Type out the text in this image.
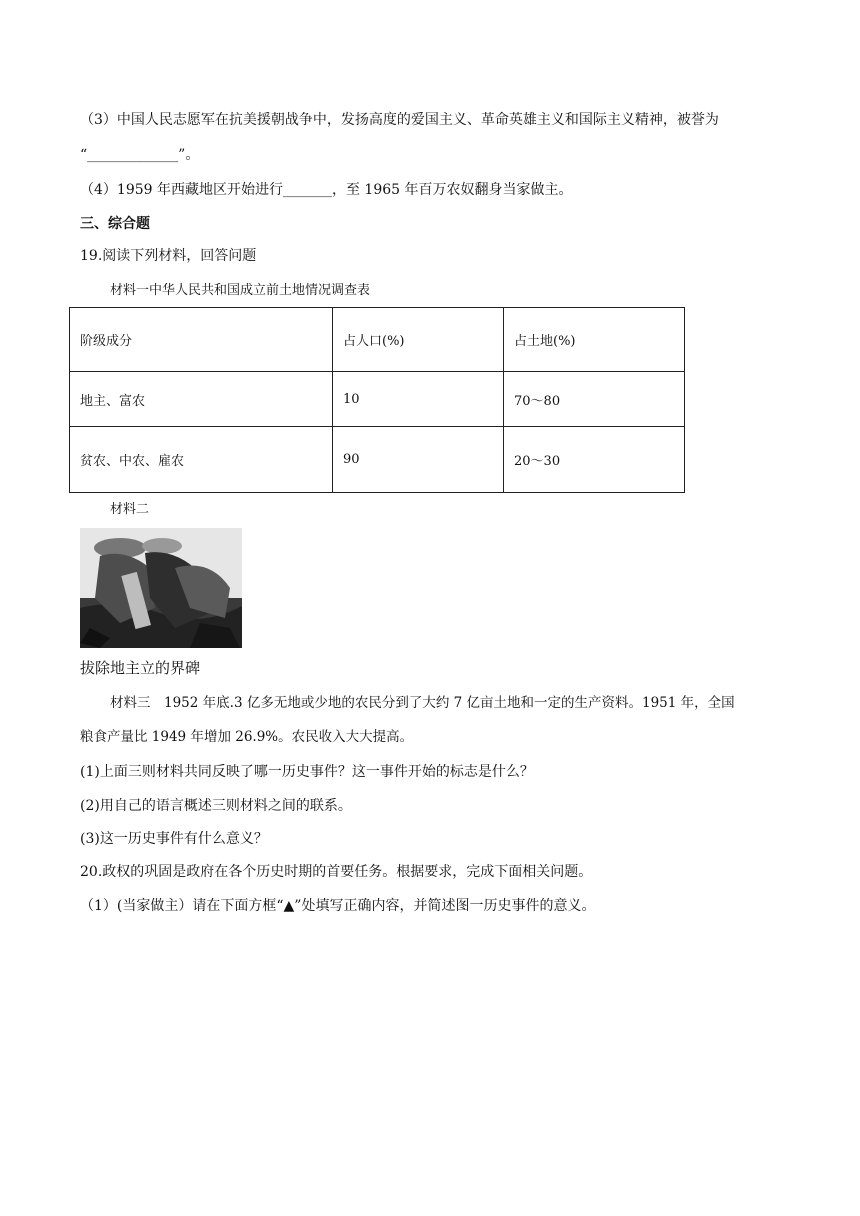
（3）中国人民志愿军在抗美援朝战争中，发扬高度的爱国主义、革命英雄主义和国际主义精神，被誉为
“_____________”。
（4）1959 年西藏地区开始进行_______，至 1965 年百万农奴翻身当家做主。
三、综合题
19.阅读下列材料，回答问题
材料一中华人民共和国成立前土地情况调查表
阶级成分	占人口(%)	占土地(%)
地主、富农	10	70～80
贫农、中农、雇农	90	20～30
材料二
拔除地主立的界碑
材料三　1952 年底.3 亿多无地或少地的农民分到了大约 7 亿亩土地和一定的生产资料。1951 年，全国
粮食产量比 1949 年增加 26.9%。农民收入大大提高。
(1)上面三则材料共同反映了哪一历史事件？这一事件开始的标志是什么？
(2)用自己的语言概述三则材料之间的联系。
(3)这一历史事件有什么意义？
20.政权的巩固是政府在各个历史时期的首要任务。根据要求，完成下面相关问题。
（1）(当家做主）请在下面方框“▲”处填写正确内容，并简述图一历史事件的意义。
